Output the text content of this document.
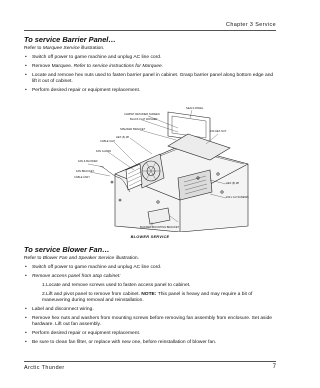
Chapter 3 Service
To service Barrier Panel…

Refer to Marquee Service illustration.

• Switch off power to game machine and unplug AC line cord.
• Remove Marquee. Refer to service instructions for Marquee.
• Locate and remove hex nuts used to fasten barrier panel in cabinet. Grasp barrier panel along bottom edge and lift it out of cabinet.
• Perform desired repair or equipment replacement.
SEALS PANEL
CARPET RETAINER SCREEN
BLACK FLAT WASHER
SPEAKER BRACKET
HEX (6) #8
CABLE CLIP
FAN GUARD
FAN & BLOWER
FAN BRACKET
CABLE ASSY
HEX (8) #8
#10 x 1/2 SCREWS
BLOWER MOUNTING BRACKET
#10 HEX NUT
BLOWER SERVICE
To service Blower Fan…

Refer to Blower Fan and Speaker Service illustration.

• Switch off power to game machine and unplug AC line cord.
• Remove access panel from atop cabinet:
1.Locate and remove screws used to fasten access panel to cabinet.
2.Lift and pivot panel to remove from cabinet. NOTE: This panel is heavy and may require a bit of maneuvering during removal and reinstallation.
• Label and disconnect wiring.
• Remove hex nuts and washers from mounting screws before removing fan assembly from enclosure. Set aside hardware. Lift out fan assembly.
• Perform desired repair or equipment replacement.
• Be sure to clean fan filter, or replace with new one, before reinstallation of blower fan.
Arctic Thunder	7
